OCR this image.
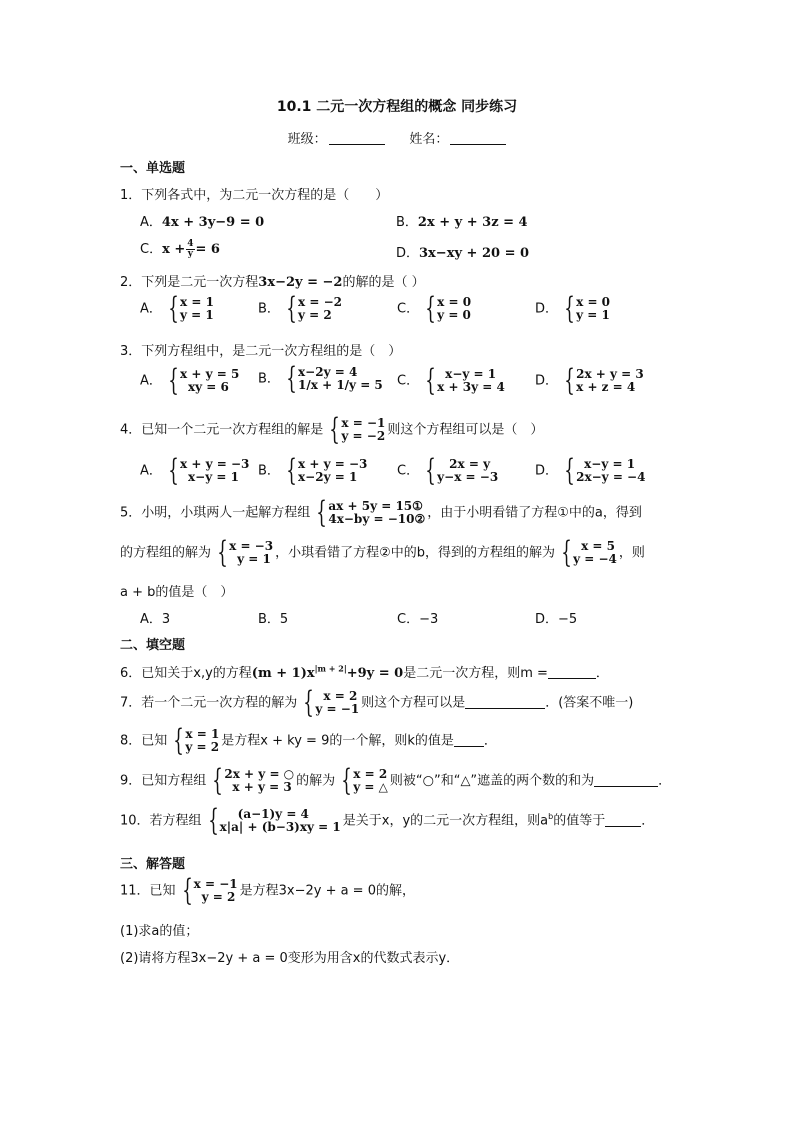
10.1 二元一次方程组的概念 同步练习
班级：	姓名：
一、单选题
1．下列各式中，为二元一次方程的是（　　）
A．4x + 3y−9 = 0	B．2x + y + 3z = 4
C．$x + \frac{4}{y} = 6$	D．3x−xy + 20 = 0
2．下列是二元一次方程3x−2y = −2的解的是（ ）
A． { x = 1
y = 1	B． { x = −2
y = 2	C． { x = 0
y = 0	D． { x = 0
y = 1
3．下列方程组中，是二元一次方程组的是（　）
A． { x + y = 5
xy = 6
B． { x−2y = 4
1/x + 1/y = 5 C． { x−y = 1
x + 3y = 4 D． { 2x + y = 3
x + z = 4
4．已知一个二元一次方程组的解是 { x = −1
y = −2 则这个方程组可以是（　）
A． { x + y = −3
x−y = 1	B． { x + y = −3
x−2y = 1	C． {	2x = y
y−x = −3	D． { x−y = 1
2x−y = −4
5．小明，小琪两人一起解方程组 { ax + 5y = 15①
4x−by = −10② ，由于小明看错了方程①中的a，得到
的方程组的解为 { x = −3
y = 1 ，小琪看错了方程②中的b，得到的方程组的解为 { x = 5
y = −4 ，则
a + b的值是（　）
A．3	B．5	C．−3	D．−5
二、填空题
6．已知关于x,y的方程$(m + 1)x^{|m + 2|}+9y = 0$是二元一次方程，则m =	．
7．若一个二元一次方程的解为 { x = 2
y = −1 则这个方程可以是	．(答案不唯一)
8．已知 { x = 1
y = 2 是方程x + ky = 9的一个解，则k的值是 ．
9．已知方程组 { 2x + y = ○
x + y = 3 的解为 { x = 2
y = △ 则被“○”和“△”遮盖的两个数的和为	．
10．若方程组 {	(a−1)y = 4
x|a| + (b−3)xy = 1 是关于x，y的二元一次方程组，则$a^b$的值等于	．
三、解答题
11．已知 { x = −1
y = 2 是方程3x−2y + a = 0的解，
(1)求a的值；
(2)请将方程3x−2y + a = 0变形为用含x的代数式表示y．
